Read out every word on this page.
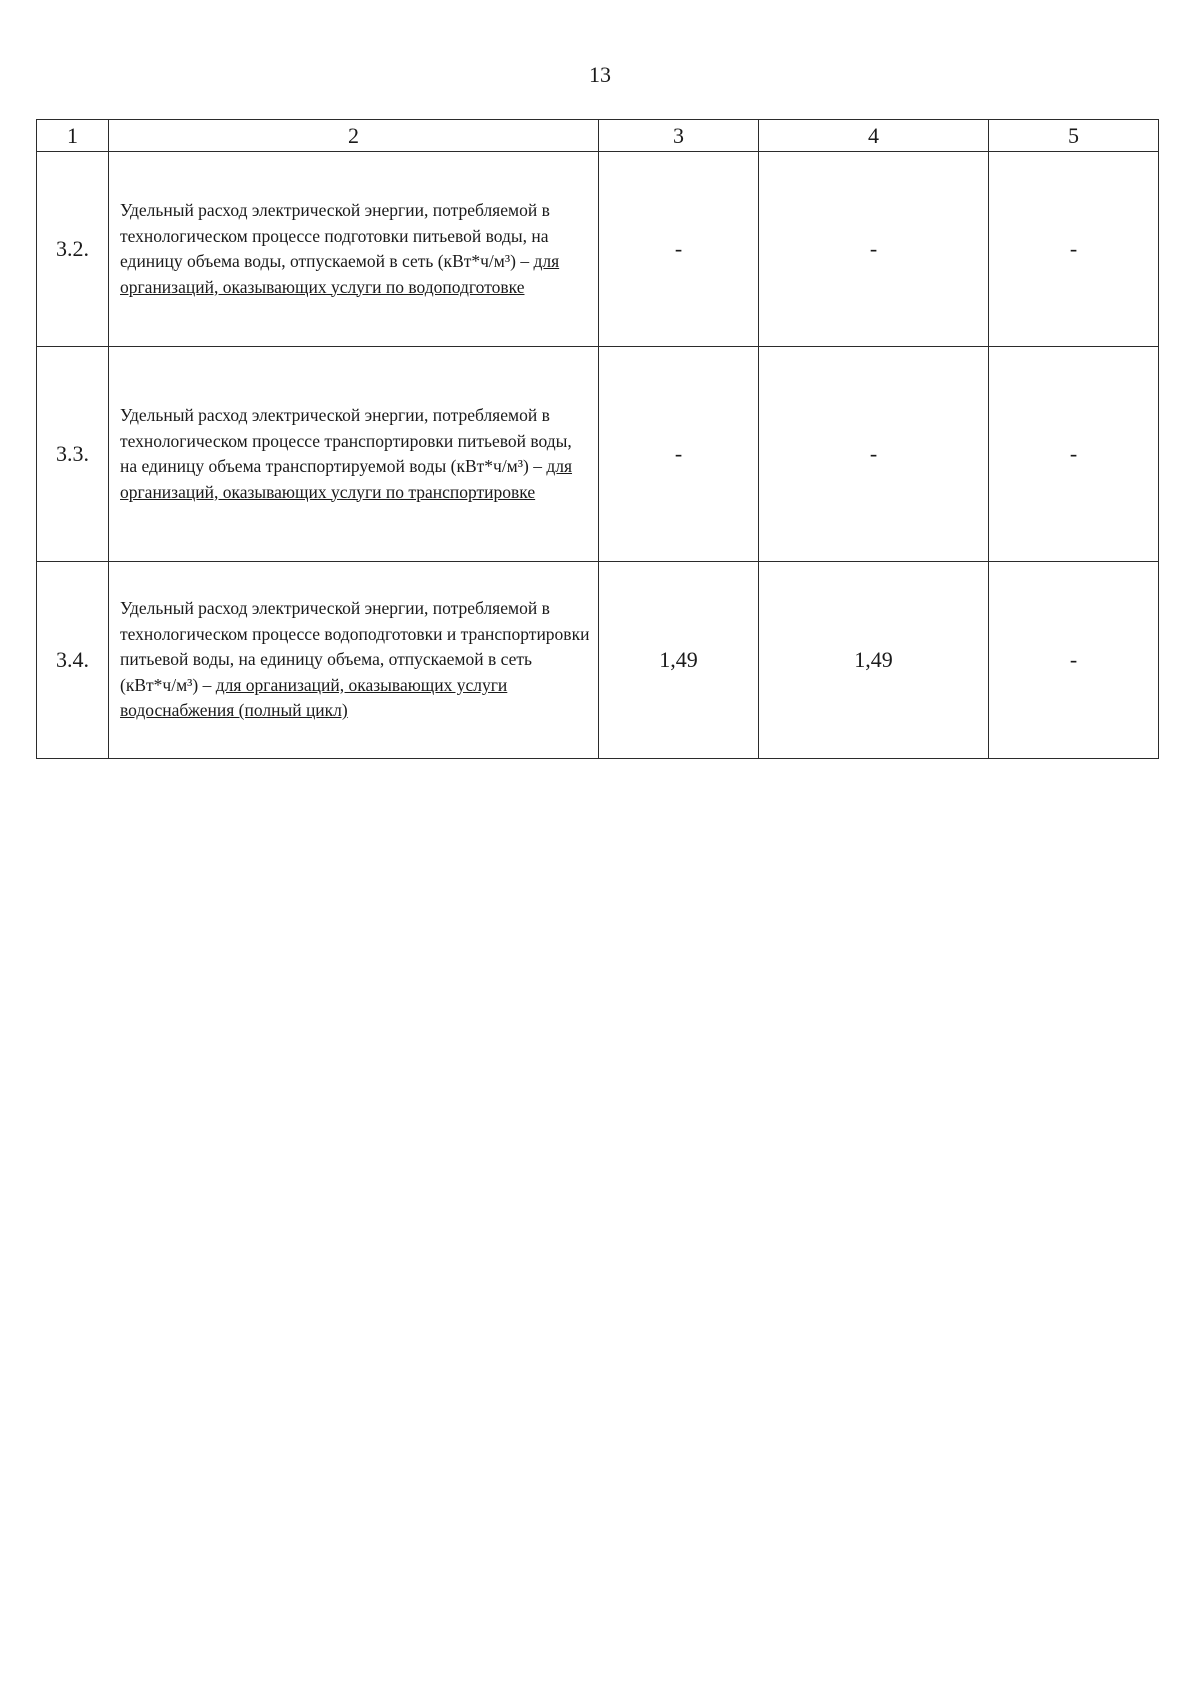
13
1	2	3	4	5
3.2.	Удельный расход электрической энергии, потребляемой в технологическом процессе подготовки питьевой воды, на единицу объема воды, отпускаемой в сеть (кВт*ч/м³) – для организаций, оказывающих услуги по водоподготовке	-	-	-
3.3.	Удельный расход электрической энергии, потребляемой в технологическом процессе транспортировки питьевой воды, на единицу объема транспортируемой воды (кВт*ч/м³) – для организаций, оказывающих услуги по транспортировке	-	-	-
3.4.	Удельный расход электрической энергии, потребляемой в технологическом процессе водоподготовки и транспортировки питьевой воды, на единицу объема, отпускаемой в сеть (кВт*ч/м³) – для организаций, оказывающих услуги водоснабжения (полный цикл)	1,49	1,49	-
